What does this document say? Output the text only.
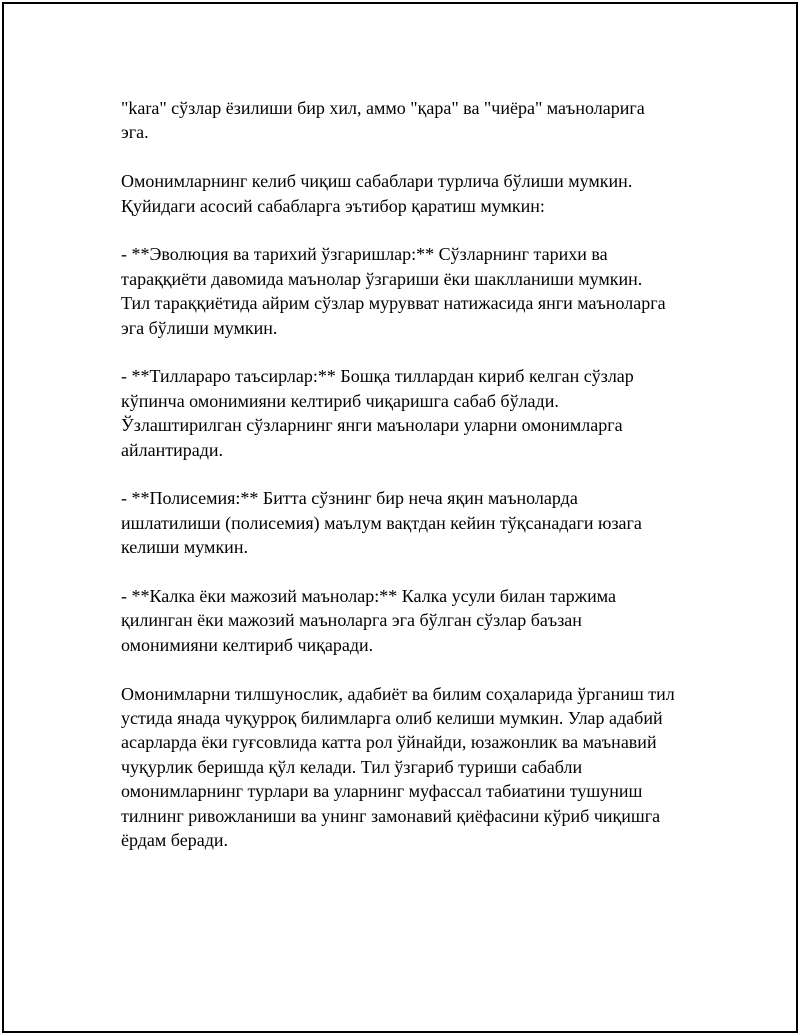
"kara" сўзлар ёзилиши бир хил, аммо "қара" ва "чиёра" маъноларига
эга.

Омонимларнинг келиб чиқиш сабаблари турлича бўлиши мумкин.
Қуйидаги асосий сабабларга эътибор қаратиш мумкин:

- **Эволюция ва тарихий ўзгаришлар:** Сўзларнинг тарихи ва
тараққиёти давомида маънолар ўзгариши ёки шаклланиши мумкин.
Тил тараққиётида айрим сўзлар мурувват натижасида янги маъноларга
эга бўлиши мумкин.

- **Тиллараро таъсирлар:** Бошқа тиллардан кириб келган сўзлар
кўпинча омонимияни келтириб чиқаришга сабаб бўлади.
Ўзлаштирилган сўзларнинг янги маънолари уларни омонимларга
айлантиради.

- **Полисемия:** Битта сўзнинг бир неча яқин маъноларда
ишлатилиши (полисемия) маълум вақтдан кейин тўқсанадаги юзага
келиши мумкин.

- **Калка ёки мажозий маънолар:** Калка усули билан таржима
қилинган ёки мажозий маъноларга эга бўлган сўзлар баъзан
омонимияни келтириб чиқаради.

Омонимларни тилшунослик, адабиёт ва билим соҳаларида ўрганиш тил
устида янада чуқурроқ билимларга олиб келиши мумкин. Улар адабий
асарларда ёки гуғсовлида катта рол ўйнайди, юзажонлик ва маънавий
чуқурлик беришда қўл келади. Тил ўзгариб туриши сабабли
омонимларнинг турлари ва уларнинг муфассал табиатини тушуниш
тилнинг ривожланиши ва унинг замонавий қиёфасини кўриб чиқишга
ёрдам беради.
